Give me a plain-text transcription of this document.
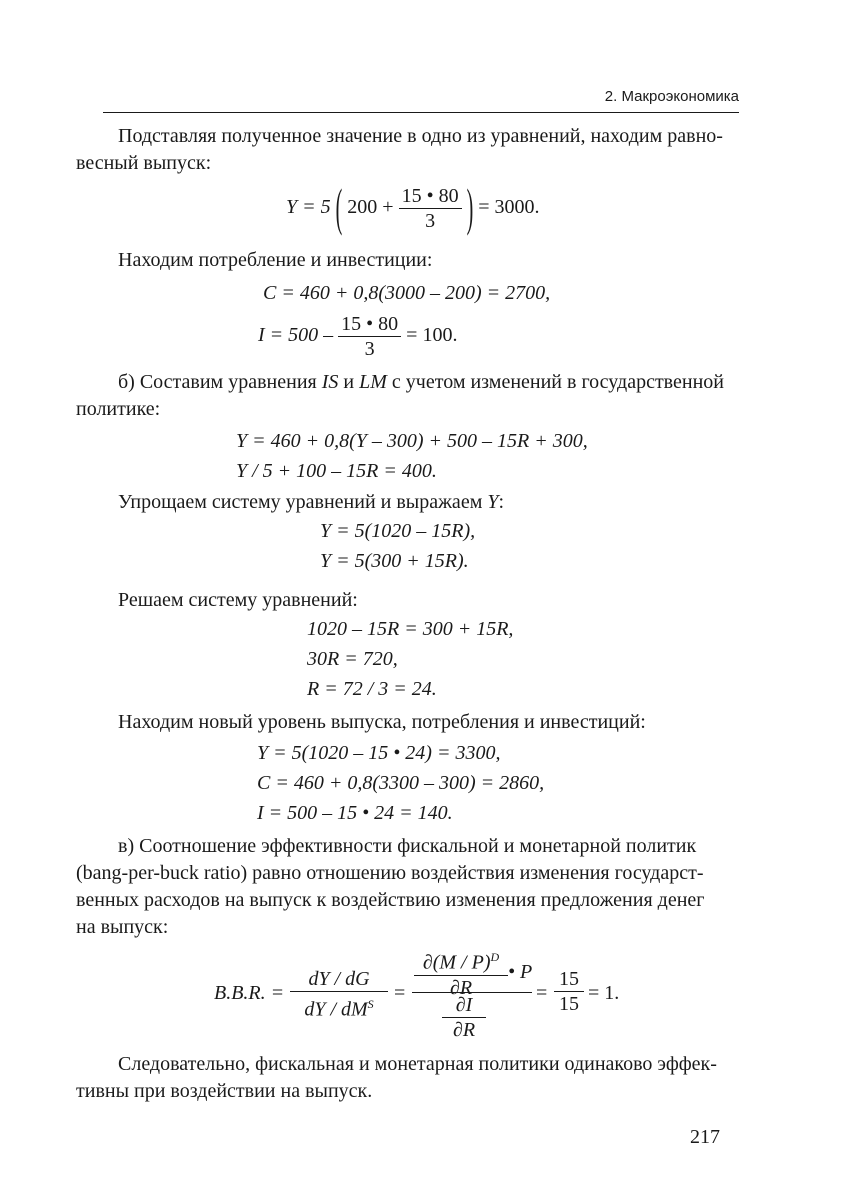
2. Макроэкономика
Подставляя полученное значение в одно из уравнений, находим равно-
весный выпуск:
Y = 5 ( $200 + \frac{15 • 80}{3}$ ) = 3000.
Находим потребление и инвестиции:
C = 460 + 0,8(3000 – 200) = 2700,
$I = 500 - \frac{15 • 80}{3} = 100$.
б) Составим уравнения IS и LM с учетом изменений в государственной
политике:
Y = 460 + 0,8(Y – 300) + 500 – 15R + 300,
Y / 5 + 100 – 15R = 400.
Упрощаем систему уравнений и выражаем Y:
Y = 5(1020 – 15R),
Y = 5(300 + 15R).
Решаем систему уравнений:
1020 – 15R = 300 + 15R,
30R = 720,
R = 72 / 3 = 24.
Находим новый уровень выпуска, потребления и инвестиций:
Y = 5(1020 – 15 • 24) = 3300,
C = 460 + 0,8(3300 – 300) = 2860,
I = 500 – 15 • 24 = 140.
в) Соотношение эффективности фискальной и монетарной политик
(bang-per-buck ratio) равно отношению воздействия изменения государст-
венных расходов на выпуск к воздействию изменения предложения денег
на выпуск:
B.B.R. =
dY / dG
dY / $dM^S$	= $\frac{\partial(M / P)^D}{\partial R}$ • P
$\frac{\partial I}{\partial R}$	= $\frac{15}{15} = 1$.
Следовательно, фискальная и монетарная политики одинаково эффек-
тивны при воздействии на выпуск.
217
